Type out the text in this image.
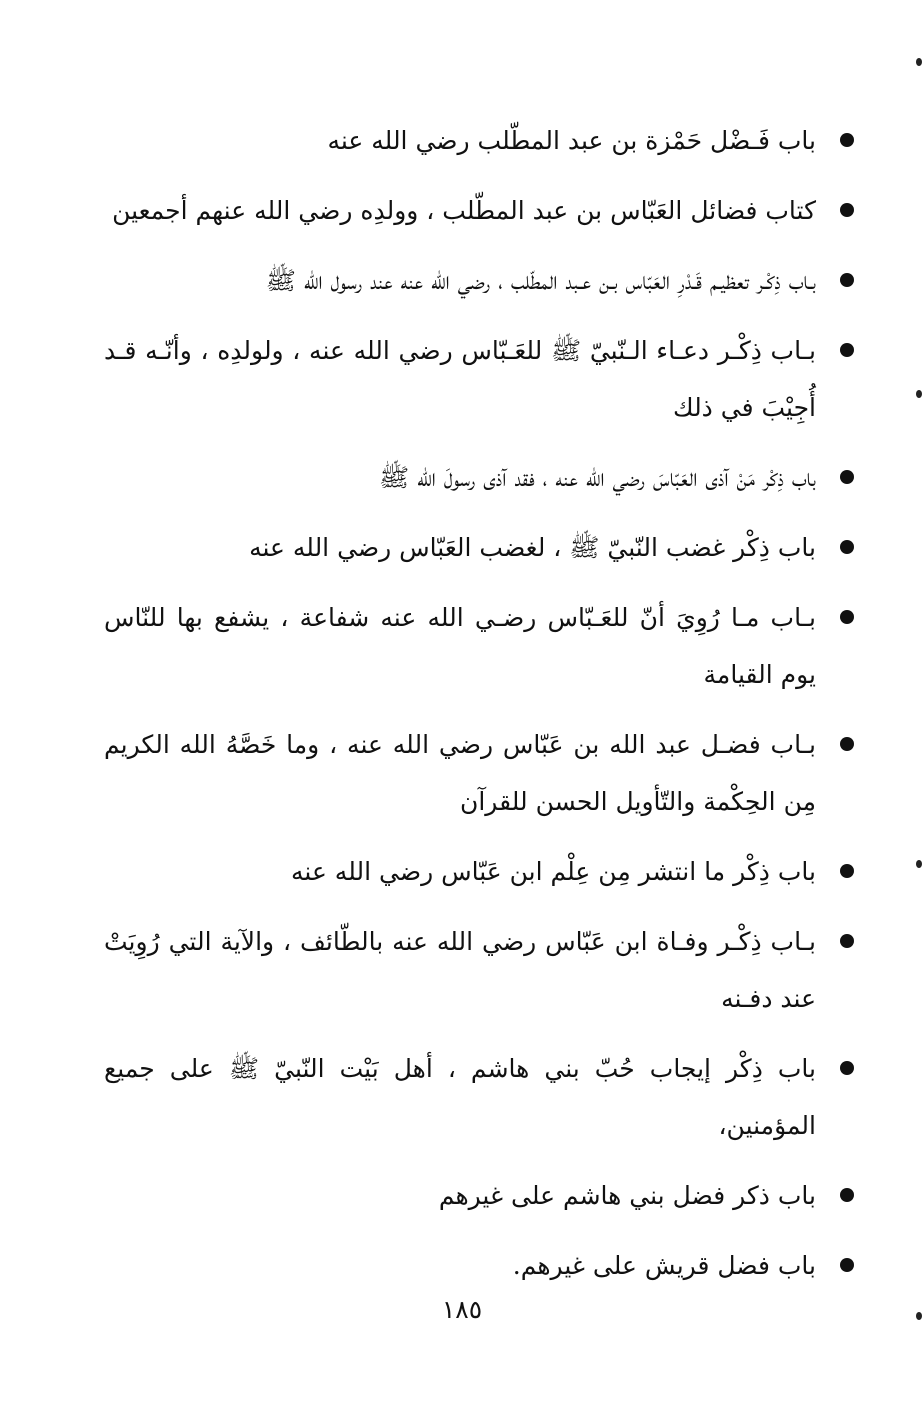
باب فَـضْل حَمْزة بن عبد المطّلب رضي الله عنه
كتاب فضائل العَبّاس بن عبد المطّلب ، وولدِه رضي الله عنهم أجمعين
بـاب ذِكْـر تعظيـم قَـدْرِ العَبّاس بـن عـبد المطّلب ، رضي الله عنه عند رسول الله ﷺ
بـاب ذِكْـر دعـاء الـنّبيّ ﷺ للعَـبّاس رضي الله عنه ، ولولدِه ، وأنّـه قـد أُجِيْبَ في ذلك
باب ذِكْر مَنْ آذى العَبّاسَ رضي الله عنه ، فقد آذى رسولَ الله ﷺ
باب ذِكْر غضب النّبيّ ﷺ ، لغضب العَبّاس رضي الله عنه
بـاب مـا رُوِيَ أنّ للعَـبّاس رضـي الله عنه شفاعة ، يشفع بها للنّاس يوم القيامة
بـاب فضـل عبد الله بن عَبّاس رضي الله عنه ، وما خَصَّهُ الله الكريم مِن الحِكْمة والتّأويل الحسن للقرآن
باب ذِكْر ما انتشر مِن عِلْم ابن عَبّاس رضي الله عنه
بـاب ذِكْـر وفـاة ابن عَبّاس رضي الله عنه بالطّائف ، والآية التي رُوِيَتْ عند دفـنه
باب ذِكْر إيجاب حُبّ بني هاشم ، أهل بَيْت النّبيّ ﷺ على جميع المؤمنين،
باب ذكر فضل بني هاشم على غيرهم
باب فضل قريش على غيرهم.
١٨٥
